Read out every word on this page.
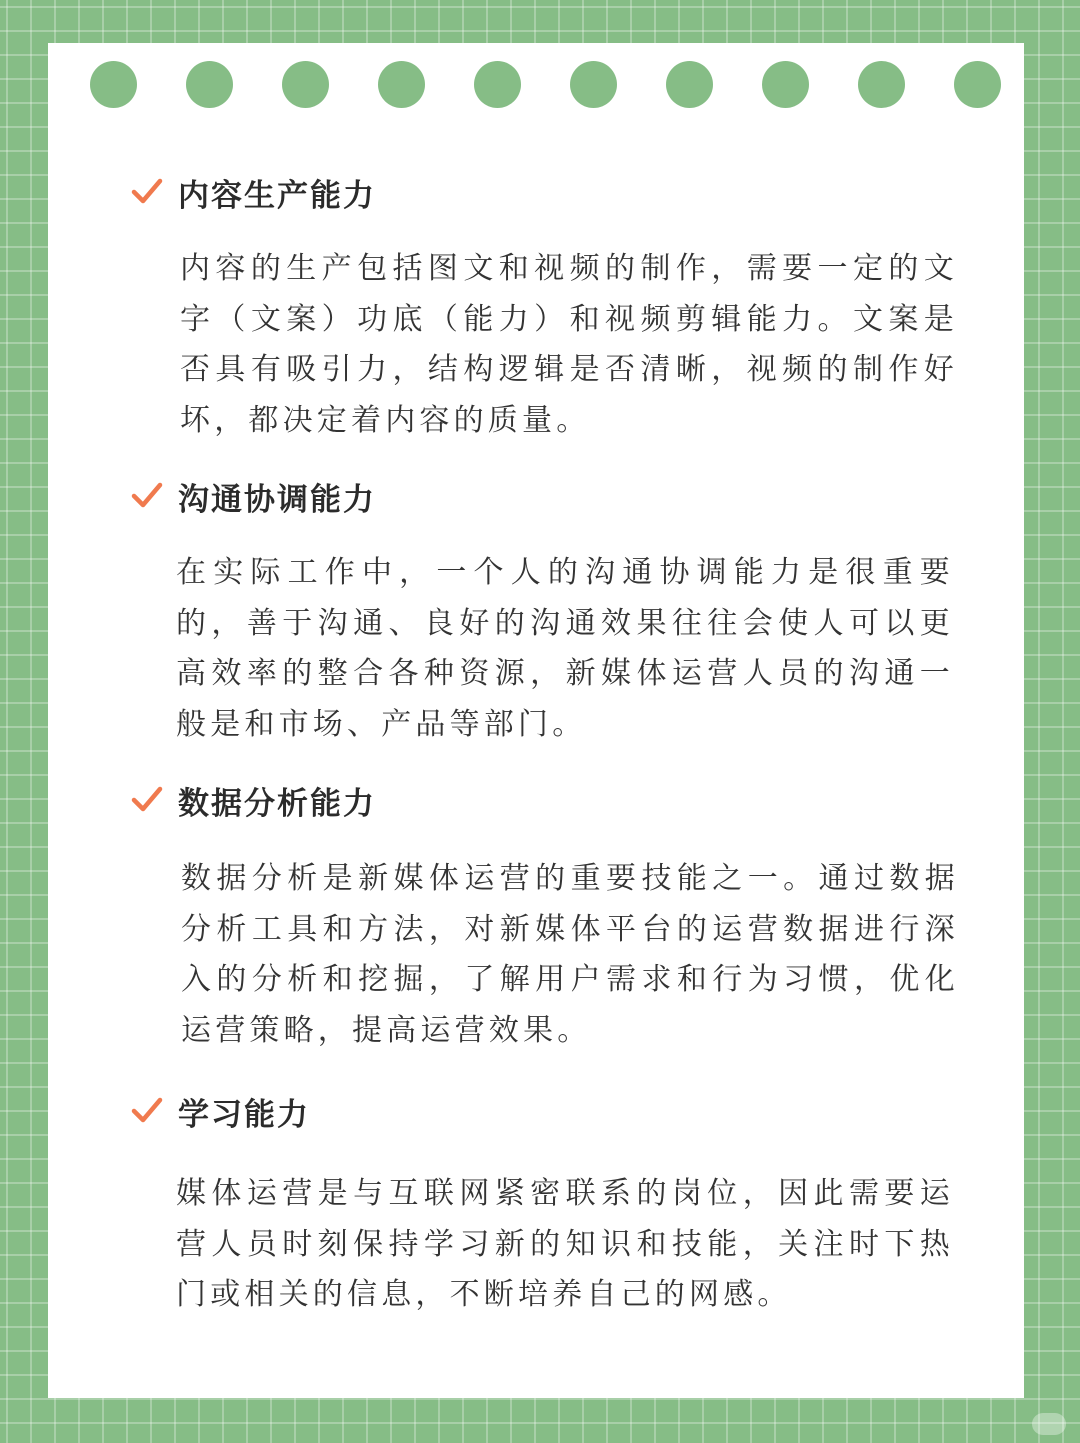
内容生产能力

内容的生产包括图文和视频的制作，需要一定的文字（文案）功底（能力）和视频剪辑能力。文案是否具有吸引力，结构逻辑是否清晰，视频的制作好坏，都决定着内容的质量。

沟通协调能力

在实际工作中，一个人的沟通协调能力是很重要的，善于沟通、良好的沟通效果往往会使人可以更高效率的整合各种资源，新媒体运营人员的沟通一般是和市场、产品等部门。

数据分析能力

数据分析是新媒体运营的重要技能之一。通过数据分析工具和方法，对新媒体平台的运营数据进行深入的分析和挖掘，了解用户需求和行为习惯，优化运营策略，提高运营效果。

学习能力

媒体运营是与互联网紧密联系的岗位，因此需要运营人员时刻保持学习新的知识和技能，关注时下热门或相关的信息，不断培养自己的网感。
